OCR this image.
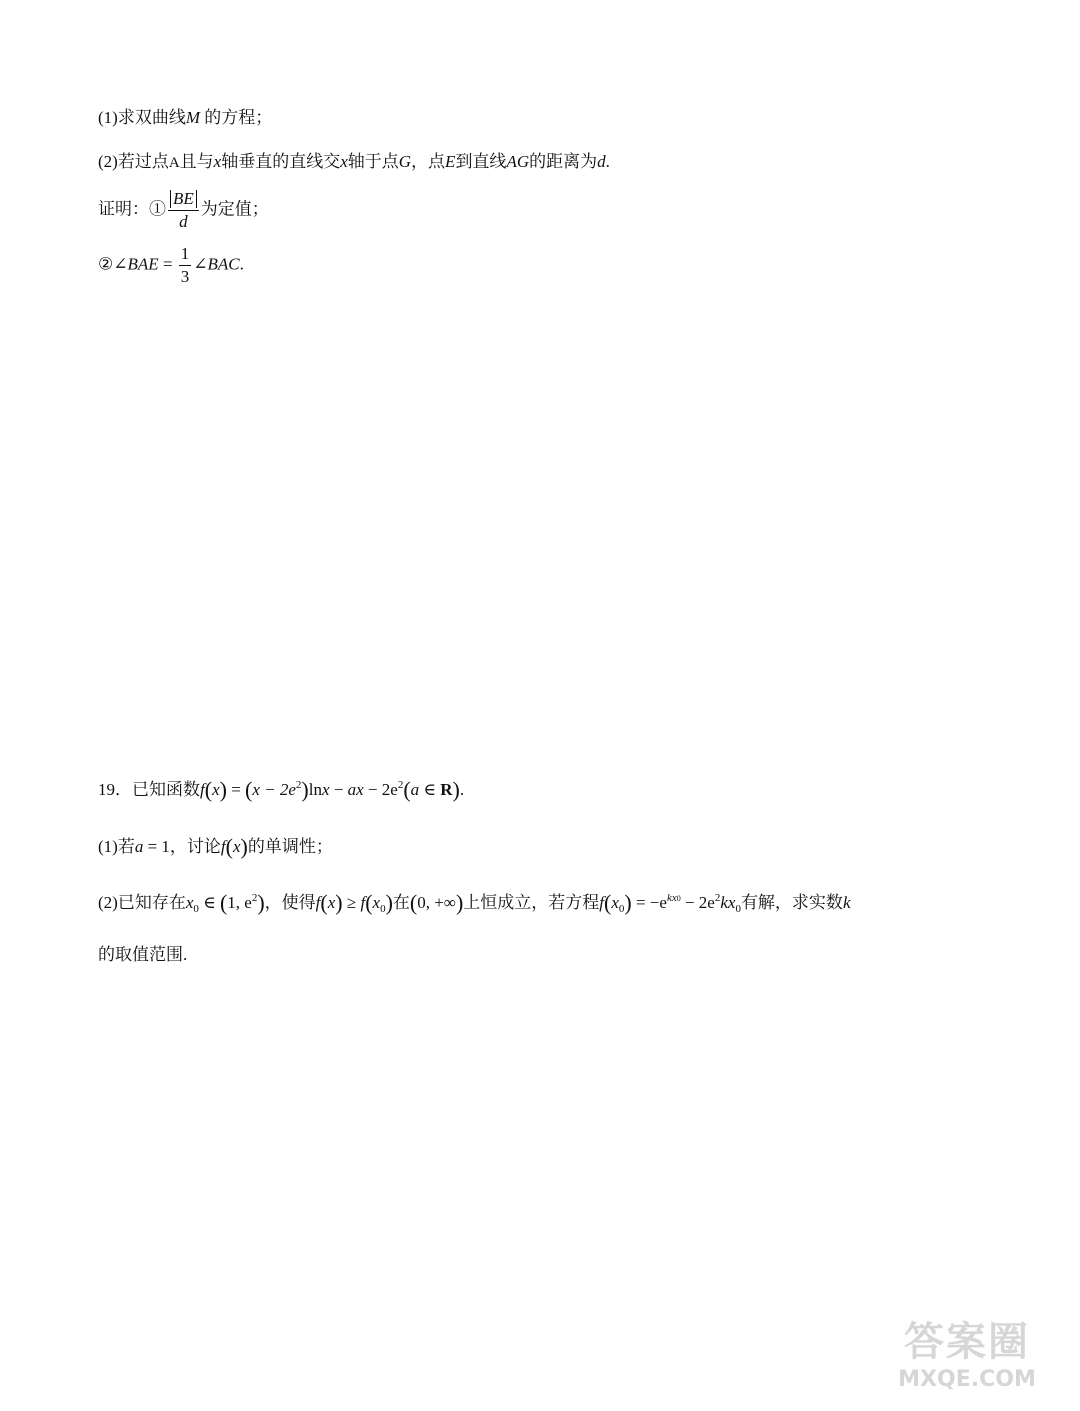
(1)求双曲线M 的方程；
(2)若过点A且与x轴垂直的直线交x轴于点G，点E到直线AG的距离为d.
证明：① $\frac{BE}{d}$ 为定值；
②∠BAE = $\frac{1}{3}$ ∠BAC.
19．已知函数$f(x) = (x - 2e^2)\ln x$ − ax − $2e^2(a$ ∈ R).
(1)若a = 1，讨论f(x)的单调性；
(2)已知存在$x_0$ ∈ (1, $e^2$)，使得$f(x) \ge f(x_0)$在(0, +∞)上恒成立，若方程$f(x_0) = -e^{kx0} - 2e^2kx_0$有解，求实数k
的取值范围.
答案圈
MXQE.COM
